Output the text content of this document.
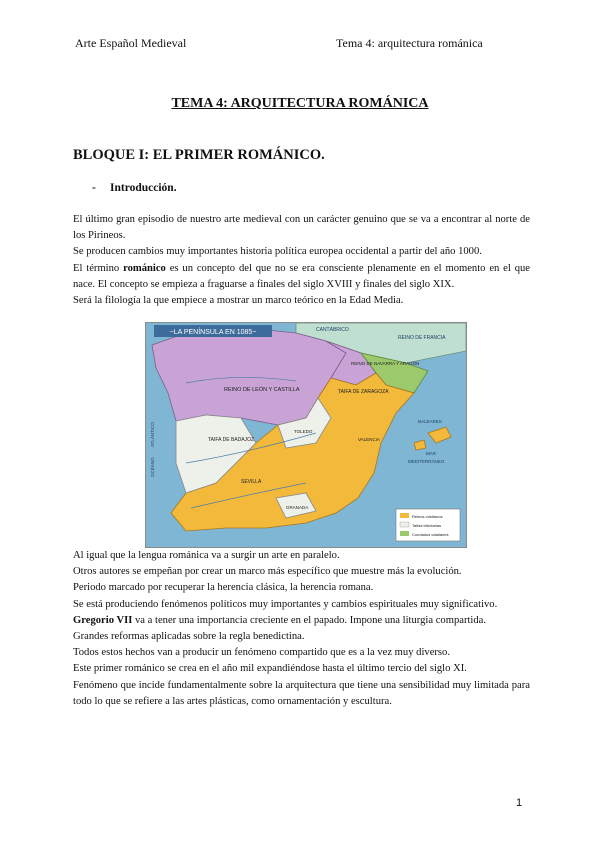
Arte Español Medieval	Tema 4: arquitectura románica
TEMA 4: ARQUITECTURA ROMÁNICA
BLOQUE I: EL PRIMER ROMÁNICO.
- Introducción.
El último gran episodio de nuestro arte medieval con un carácter genuino que se va a encontrar al norte de los Pirineos.
Se producen cambios muy importantes historia política europea occidental a partir del año 1000.
El término románico es un concepto del que no se era consciente plenamente en el momento en el que nace. El concepto se empieza a fraguarse a finales del siglo XVIII y finales del siglo XIX.
Será la filología la que empiece a mostrar un marco teórico en la Edad Media.
~LA PENÍNSULA EN 1085~	CANTÁBRICO
REINO DE FRANCIA
REINO DE NAVARRA Y ARAGÓN
REINO DE LEÓN Y CASTILLA	TAIFA DE ZARAGOZA
TAIFA DE BADAJOZ
TOLEDO
VALENCIA
SEVILLA
GRANADA
BALEARES
ATLÁNTICO
OCÉANO	MEDITERRÁNEO
MAR
Reinos cristianos
Taifas tributarias
Condados catalanes
Al igual que la lengua románica va a surgir un arte en paralelo.
Otros autores se empeñan por crear un marco más específico que muestre más la evolución.
Periodo marcado por recuperar la herencia clásica, la herencia romana.
Se está produciendo fenómenos políticos muy importantes y cambios espirituales muy significativo.
Gregorio VII va a tener una importancia creciente en el papado. Impone una liturgia compartida.
Grandes reformas aplicadas sobre la regla benedictina.
Todos estos hechos van a producir un fenómeno compartido que es a la vez muy diverso.
Este primer románico se crea en el año mil expandiéndose hasta el último tercio del siglo XI.
Fenómeno que incide fundamentalmente sobre la arquitectura que tiene una sensibilidad muy limitada para todo lo que se refiere a las artes plásticas, como ornamentación y escultura.
1
